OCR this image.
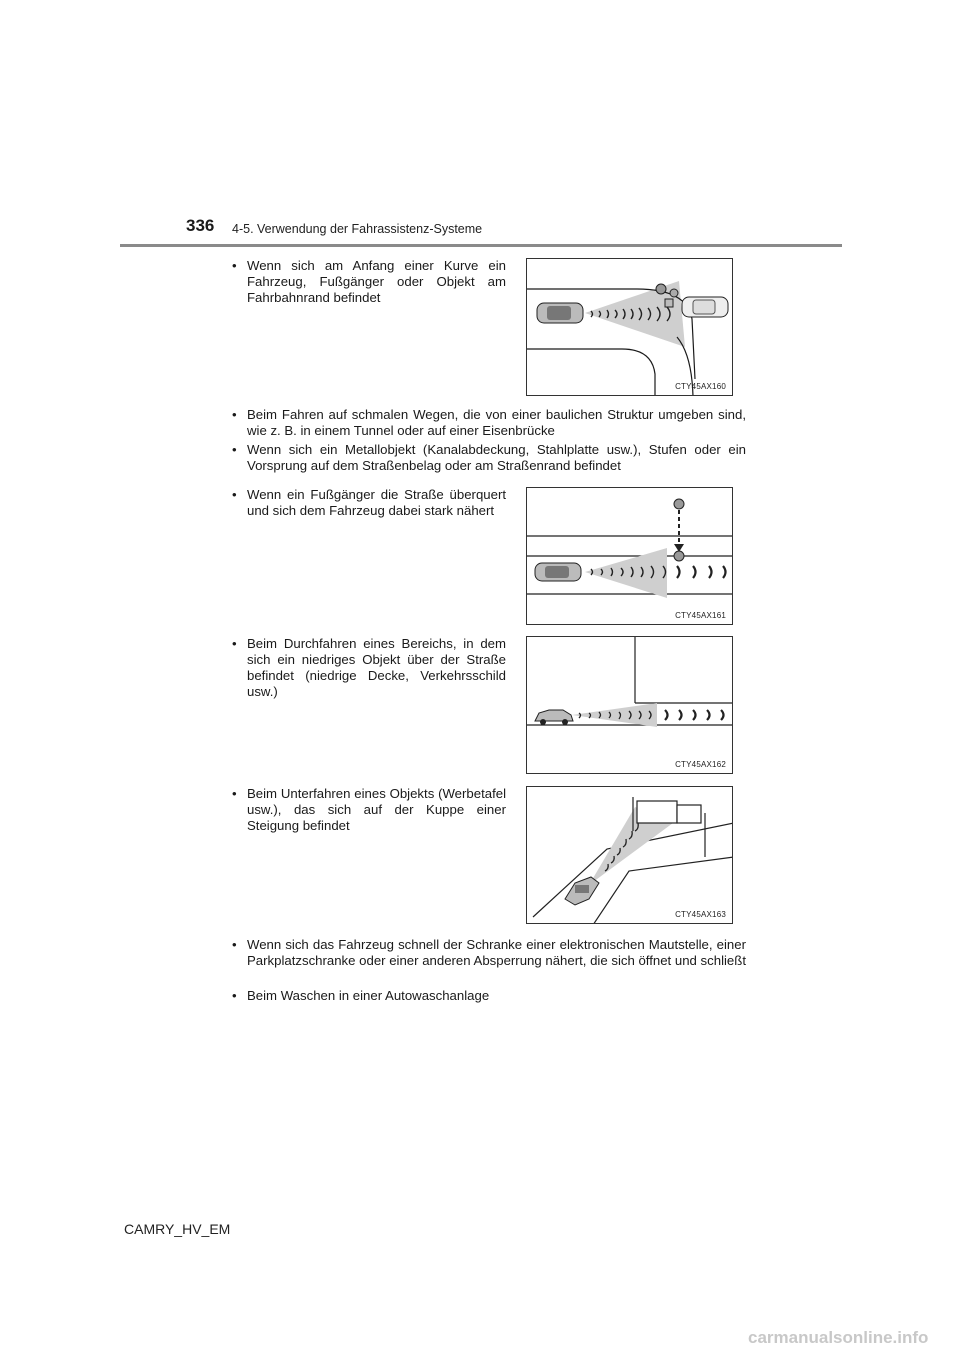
336 4-5. Verwendung der Fahrassistenz-Systeme
• Wenn sich am Anfang einer Kurve ein Fahrzeug, Fußgänger oder Objekt am Fahrbahnrand befindet
CTY45AX160
• Beim Fahren auf schmalen Wegen, die von einer baulichen Struktur umgeben sind, wie z. B. in einem Tunnel oder auf einer Eisenbrücke
• Wenn sich ein Metallobjekt (Kanalabdeckung, Stahlplatte usw.), Stufen oder ein Vorsprung auf dem Straßenbelag oder am Straßenrand befindet
• Wenn ein Fußgänger die Straße überquert und sich dem Fahrzeug dabei stark nähert
CTY45AX161
• Beim Durchfahren eines Bereichs, in dem sich ein niedriges Objekt über der Straße befindet (niedrige Decke, Verkehrsschild usw.)
CTY45AX162
• Beim Unterfahren eines Objekts (Werbetafel usw.), das sich auf der Kuppe einer Steigung befindet
CTY45AX163
• Wenn sich das Fahrzeug schnell der Schranke einer elektronischen Mautstelle, einer Parkplatzschranke oder einer anderen Absperrung nähert, die sich öffnet und schließt
• Beim Waschen in einer Autowaschanlage
CAMRY_HV_EM
carmanualsonline.info
